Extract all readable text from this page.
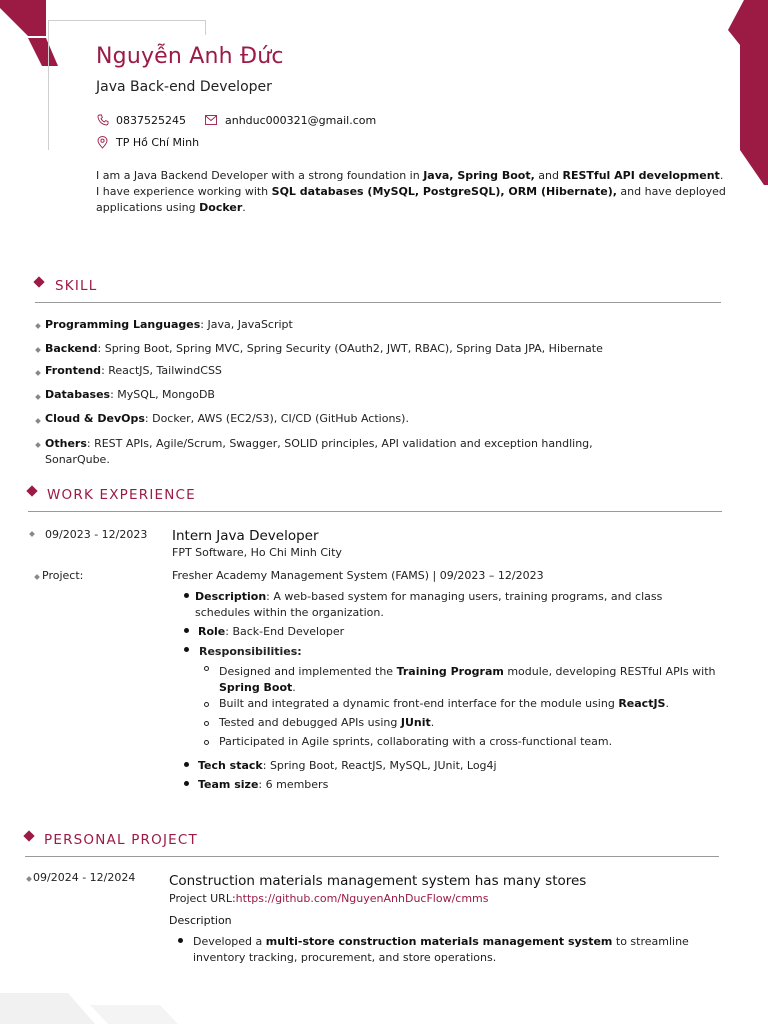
Nguyễn Anh Đức
Java Back-end Developer
0837525245	anhduc000321@gmail.com
TP Hồ Chí Minh
I am a Java Backend Developer with a strong foundation in Java, Spring Boot, and RESTful API development. I have experience working with SQL databases (MySQL, PostgreSQL), ORM (Hibernate), and have deployed applications using Docker.
SKILL
Programming Languages: Java, JavaScript
Backend: Spring Boot, Spring MVC, Spring Security (OAuth2, JWT, RBAC), Spring Data JPA, Hibernate
Frontend: ReactJS, TailwindCSS
Databases: MySQL, MongoDB
Cloud & DevOps: Docker, AWS (EC2/S3), CI/CD (GitHub Actions).
Others: REST APIs, Agile/Scrum, Swagger, SOLID principles, API validation and exception handling, SonarQube.
WORK EXPERIENCE
09/2023 - 12/2023 Intern Java Developer
FPT Software, Ho Chi Minh City
Project:	Fresher Academy Management System (FAMS) | 09/2023 – 12/2023
Description: A web-based system for managing users, training programs, and class schedules within the organization.
Role: Back-End Developer
Responsibilities:
Designed and implemented the Training Program module, developing RESTful APIs with Spring Boot.
Built and integrated a dynamic front-end interface for the module using ReactJS.
Tested and debugged APIs using JUnit.
Participated in Agile sprints, collaborating with a cross-functional team.
Tech stack: Spring Boot, ReactJS, MySQL, JUnit, Log4j
Team size: 6 members
PERSONAL PROJECT
09/2024 - 12/2024 Construction materials management system has many stores
Project URL:https://github.com/NguyenAnhDucFlow/cmms
Description
Developed a multi-store construction materials management system to streamline inventory tracking, procurement, and store operations.
